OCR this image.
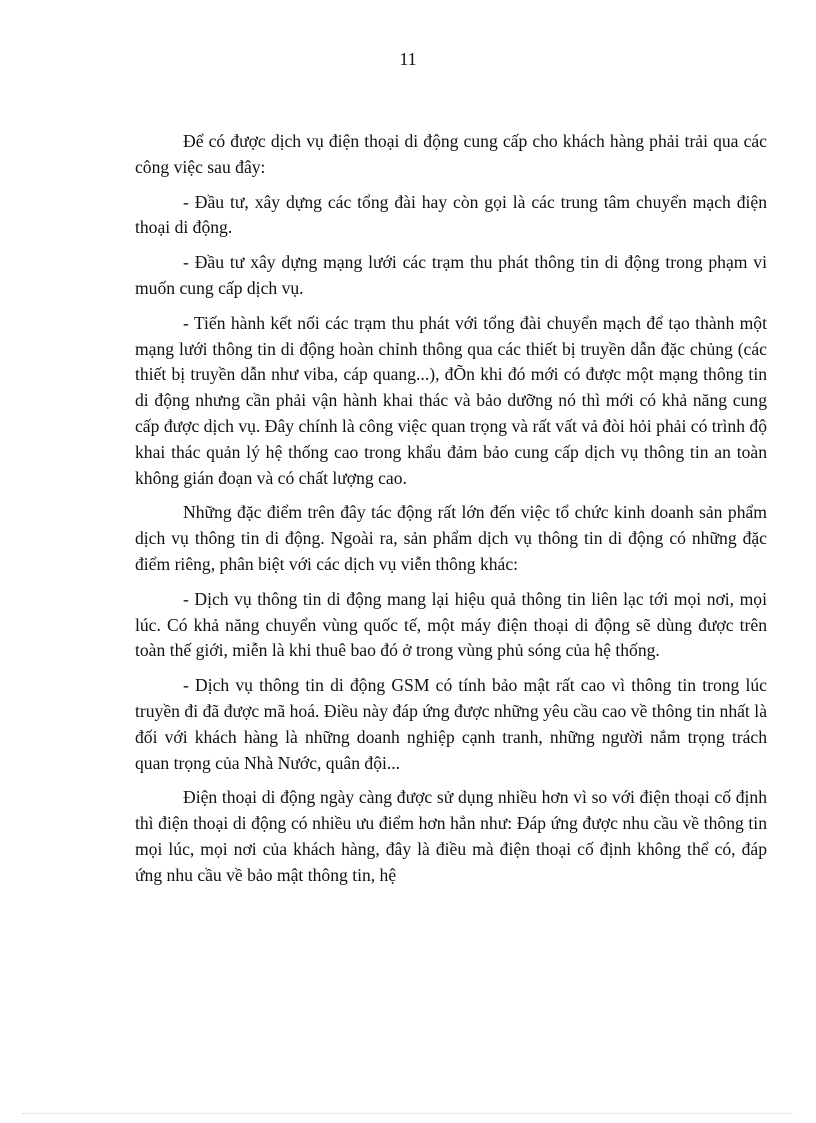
11

Để có được dịch vụ điện thoại di động cung cấp cho khách hàng phải trải qua các công việc sau đây:

- Đầu tư, xây dựng các tổng đài hay còn gọi là các trung tâm chuyển mạch điện thoại di động.

- Đầu tư xây dựng mạng lưới các trạm thu phát thông tin di động trong phạm vi muốn cung cấp dịch vụ.

- Tiến hành kết nối các trạm thu phát với tổng đài chuyển mạch để tạo thành một mạng lưới thông tin di động hoàn chỉnh thông qua các thiết bị truyền dẫn đặc chủng (các thiết bị truyền dẫn như viba, cáp quang...), đÕn khi đó mới có được một mạng thông tin di động nhưng cần phải vận hành khai thác và bảo dưỡng nó thì mới có khả năng cung cấp được dịch vụ. Đây chính là công việc quan trọng và rất vất vả đòi hỏi phải có trình độ khai thác quản lý hệ thống cao trong khẩu đảm bảo cung cấp dịch vụ thông tin an toàn không gián đoạn và có chất lượng cao.

Những đặc điểm trên đây tác động rất lớn đến việc tổ chức kinh doanh sản phẩm dịch vụ thông tin di động. Ngoài ra, sản phẩm dịch vụ thông tin di động có những đặc điểm riêng, phân biệt với các dịch vụ viễn thông khác:

- Dịch vụ thông tin di động mang lại hiệu quả thông tin liên lạc tới mọi nơi, mọi lúc. Có khả năng chuyển vùng quốc tế, một máy điện thoại di động sẽ dùng được trên toàn thế giới, miễn là khi thuê bao đó ở trong vùng phủ sóng của hệ thống.

- Dịch vụ thông tin di động GSM có tính bảo mật rất cao vì thông tin trong lúc truyền đi đã được mã hoá. Điều này đáp ứng được những yêu cầu cao về thông tin nhất là đối với khách hàng là những doanh nghiệp cạnh tranh, những người nắm trọng trách quan trọng của Nhà Nước, quân đội...

Điện thoại di động ngày càng được sử dụng nhiều hơn vì so với điện thoại cố định thì điện thoại di động có nhiều ưu điểm hơn hẳn như: Đáp ứng được nhu cầu về thông tin mọi lúc, mọi nơi của khách hàng, đây là điều mà điện thoại cố định không thể có, đáp ứng nhu cầu về bảo mật thông tin, hệ
